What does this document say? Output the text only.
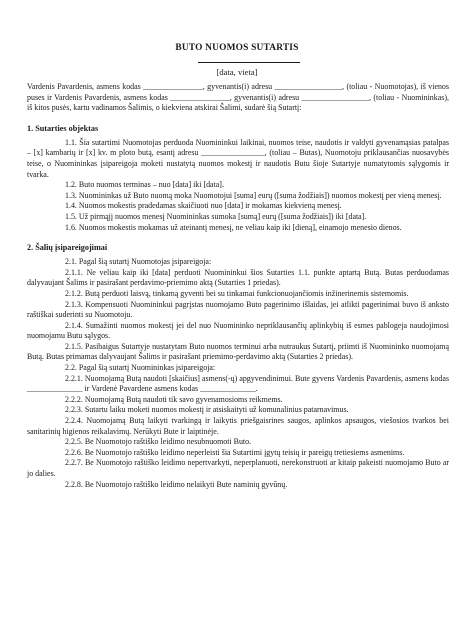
BUTO NUOMOS SUTARTIS
[data, vieta]

Vardenis Pavardenis, asmens kodas _______________, gyvenantis(i) adresu _________________, (toliau - Nuomotojas), iš vienos puses ir Vardenis Pavardenis, asmens kodas _______________, gyvenantis(i) adresu _________________, (toliau - Nuomininkas), iš kitos pusės, kartu vadinamos Šalimis, o kiekviena atskirai Šalimi, sudarė šią Sutartį:

1. Sutarties objektas

1.1. Šia sutartimi Nuomotojas perduoda Nuomininkui laikinai, nuomos teise, naudotis ir valdyti gyvenamąsias patalpas – [x] kambarių ir [x] kv. m ploto butą, esantį adresu ________________, (toliau – Butas), Nuomotoju priklausančias nuosavybės teise, o Nuomininkas įsipareigoja moketi nustatytą nuomos mokestį ir naudotis Butu šioje Sutartyje numatytomis sąlygomis ir tvarka.

1.2. Buto nuomos terminas – nuo [data] iki [data].

1.3. Nuomininkas už Buto nuomą moka Nuomotojui [suma] eurų ([suma žodžiais]) nuomos mokestį per vieną menesį.

1.4. Nuomos mokestis pradedamas skaičiuoti nuo [data] ir mokamas kiekvieną menesį.

1.5. Už pirmąjį nuomos menesį Nuomininkas sumoka [sumą] eurų ([suma žodžiais]) iki [data].

1.6. Nuomos mokestis mokamas už ateinantį menesį, ne veliau kaip iki [dieną], einamojo menesio dienos.

2. Šalių įsipareigojimai

2.1. Pagal šią sutartį Nuomotojas įsipareigoja:

2.1.1. Ne veliau kaip iki [data] perduoti Nuomininkui šios Sutarties 1.1. punkte aptartą Butą. Butas perduodamas dalyvaujant Šalims ir pasirašant perdavimo-priemimo aktą (Sutarties 1 priedas).

2.1.2. Butą perduoti laisvą, tinkamą gyventi bei su tinkamai funkcionuojančiomis inžinerinemis sistemomis.

2.1.3. Kompensuoti Nuomininkui pagrįstas nuomojamo Buto pagerinimo išlaidas, jei atlikti pagerinimai buvo iš anksto raštiškai suderinti su Nuomotoju.

2.1.4. Sumažinti nuomos mokestį jei del nuo Nuomininko nepriklausančių aplinkybių iš esmes pablogeja naudojimosi nuomojamu Butu sąlygos.

2.1.5. Pasibaigus Sutartyje nustatytam Buto nuomos terminui arba nutraukus Sutartį, priimti iš Nuomininko nuomojamą Butą. Butas primamas dalyvaujant Šalims ir pasirašant priemimo-perdavimo aktą (Sutarties 2 priedas).

2.2. Pagal šią sutartį Nuomininkas įsipareigoja:

2.2.1. Nuomojamą Butą naudoti [skaičius] asmens(-ų) apgyvendinimui. Bute gyvens Vardenis Pavardenis, asmens kodas ______________ ir Vardenė Pavardene asmens kodas ______________.

2.2.2. Nuomojamą Butą naudoti tik savo gyvenamosioms reikmems.

2.2.3. Sutartu laiku moketi nuomos mokestį ir atsiskaityti už komunalinius patarnavimus.

2.2.4. Nuomojamą Butą laikyti tvarkingą ir laikytis priešgaisrines saugos, aplinkos apsaugos, viešosios tvarkos bei sanitarinių higienos reikalavimų. Nerūkyti Bute ir laiptinėje.

2.2.5. Be Nuomotojo raštiško leidimo nesubnuomoti Buto.

2.2.6. Be Nuomotojo raštiško leidimo neperleisti šia Sutartimi įgytų teisių ir pareigų tretiesiems asmenims.

2.2.7. Be Nuomotojo raštiško leidimo nepertvarkyti, neperplanuoti, nerekonstruoti ar kitaip pakeisti nuomojamo Buto ar jo dalies.

2.2.8. Be Nuomotojo raštiško leidimo nelaikyti Bute naminių gyvūnų.
